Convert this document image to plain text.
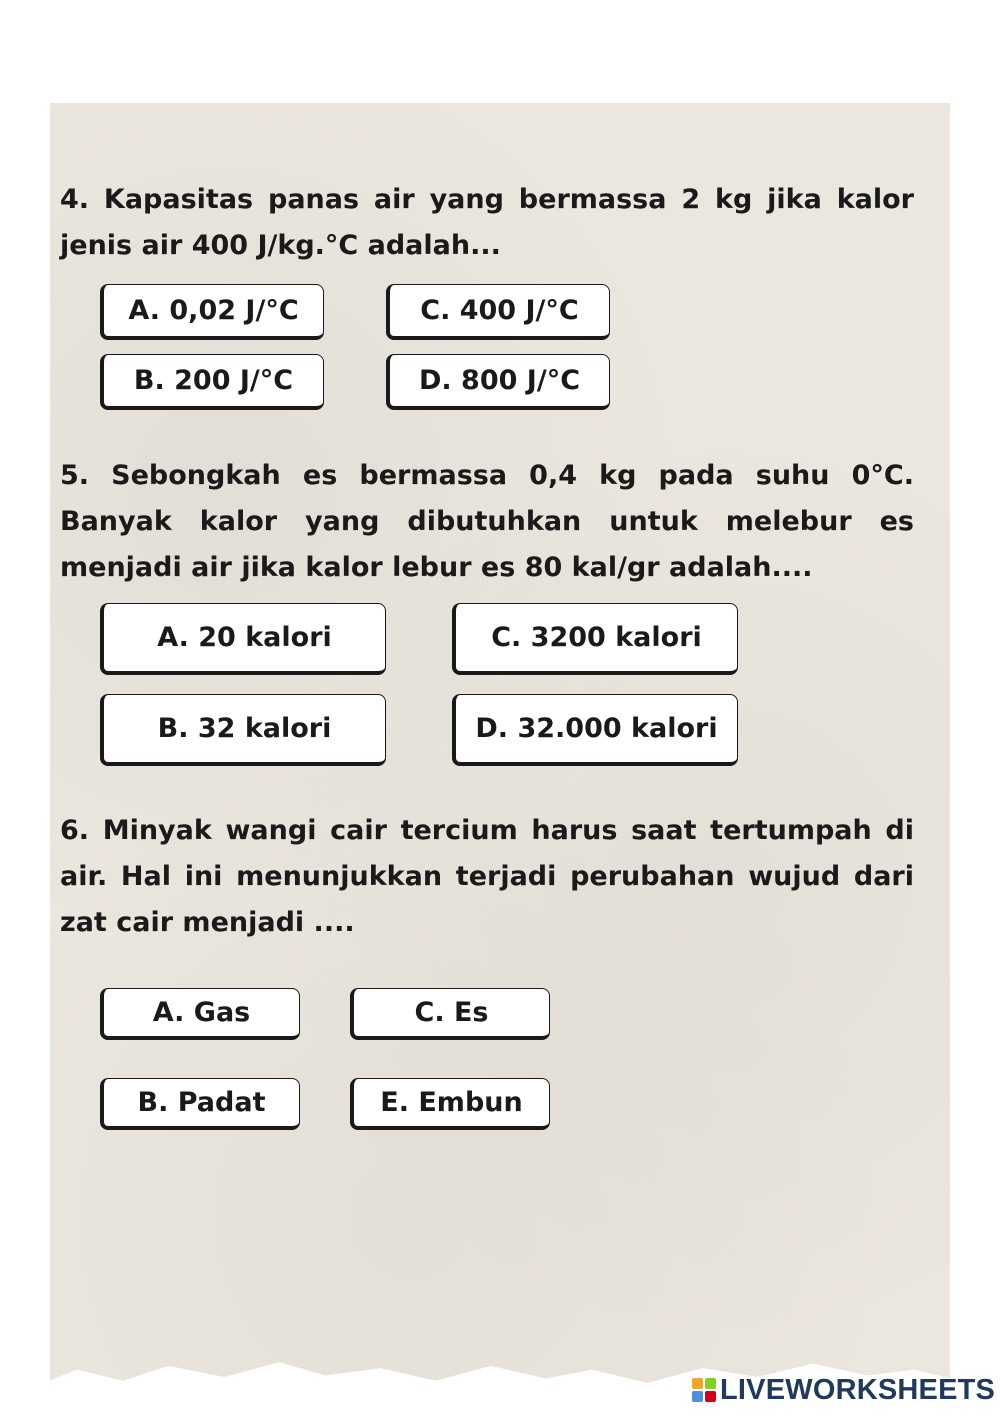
4. Kapasitas panas air yang bermassa 2 kg jika kalor jenis air 400 J/kg.°C adalah...

A. 0,02 J/°C	C. 400 J/°C
B. 200 J/°C	D. 800 J/°C

5. Sebongkah es bermassa 0,4 kg pada suhu 0°C. Banyak kalor yang dibutuhkan untuk melebur es menjadi air jika kalor lebur es 80 kal/gr adalah....

A. 20 kalori	C. 3200 kalori
B. 32 kalori	D. 32.000 kalori

6. Minyak wangi cair tercium harus saat tertumpah di air. Hal ini menunjukkan terjadi perubahan wujud dari zat cair menjadi ....

A. Gas	C. Es
B. Padat	E. Embun
LIVEWORKSHEETS
